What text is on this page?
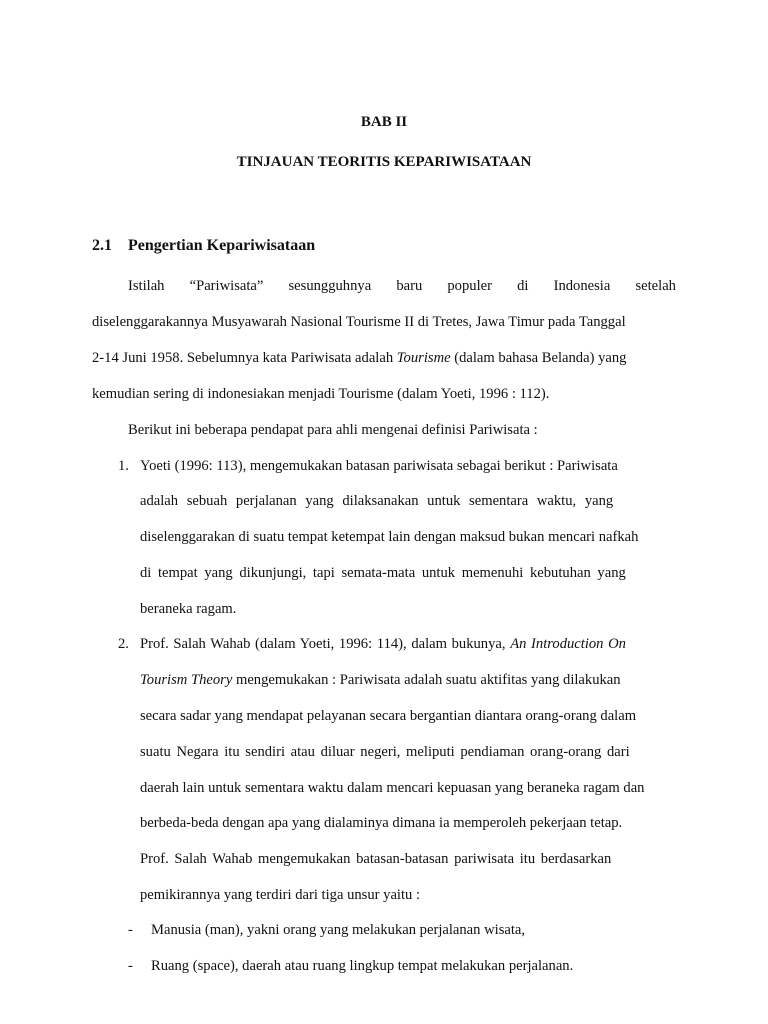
BAB II
TINJAUAN TEORITIS KEPARIWISATAAN
2.1 Pengertian Kepariwisataan
Istilah “Pariwisata” sesungguhnya baru populer di Indonesia setelah
diselenggarakannya Musyawarah Nasional Tourisme II di Tretes, Jawa Timur pada Tanggal
2-14 Juni 1958. Sebelumnya kata Pariwisata adalah Tourisme (dalam bahasa Belanda) yang
kemudian sering di indonesiakan menjadi Tourisme (dalam Yoeti, 1996 : 112).
Berikut ini beberapa pendapat para ahli mengenai definisi Pariwisata :
1. Yoeti (1996: 113), mengemukakan batasan pariwisata sebagai berikut : Pariwisata
adalah sebuah perjalanan yang dilaksanakan untuk sementara waktu, yang
diselenggarakan di suatu tempat ketempat lain dengan maksud bukan mencari nafkah
di tempat yang dikunjungi, tapi semata-mata untuk memenuhi kebutuhan yang
beraneka ragam.
2. Prof. Salah Wahab (dalam Yoeti, 1996: 114), dalam bukunya, An Introduction On
Tourism Theory mengemukakan : Pariwisata adalah suatu aktifitas yang dilakukan
secara sadar yang mendapat pelayanan secara bergantian diantara orang-orang dalam
suatu Negara itu sendiri atau diluar negeri, meliputi pendiaman orang-orang dari
daerah lain untuk sementara waktu dalam mencari kepuasan yang beraneka ragam dan
berbeda-beda dengan apa yang dialaminya dimana ia memperoleh pekerjaan tetap.
Prof. Salah Wahab mengemukakan batasan-batasan pariwisata itu berdasarkan
pemikirannya yang terdiri dari tiga unsur yaitu :
- Manusia (man), yakni orang yang melakukan perjalanan wisata,
- Ruang (space), daerah atau ruang lingkup tempat melakukan perjalanan.
